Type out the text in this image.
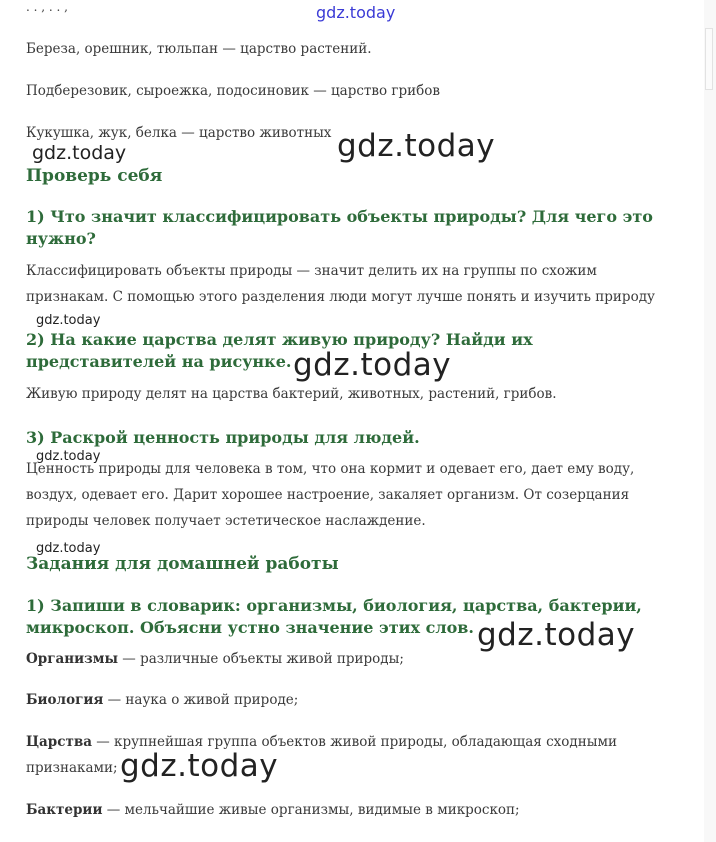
. . , . . ,	gdz.today
Береза, орешник, тюльпан — царство растений.
Подберезовик, сыроежка, подосиновик — царство грибов
Кукушка, жук, белка — царство животных
gdz.today	gdz.today
Проверь себя
1) Что значит классифицировать объекты природы? Для чего это
нужно?
Классифицировать объекты природы — значит делить их на группы по схожим
признакам. С помощью этого разделения люди могут лучше понять и изучить природу
gdz.today
2) На какие царства делят живую природу? Найди их
представителей на рисунке. gdz.today
Живую природу делят на царства бактерий, животных, растений, грибов.
3) Раскрой ценность природы для людей.
gdz.today
Ценность природы для человека в том, что она кормит и одевает его, дает ему воду,
воздух, одевает его. Дарит хорошее настроение, закаляет организм. От созерцания
природы человек получает эстетическое наслаждение.
gdz.today
Задания для домашней работы
1) Запиши в словарик: организмы, биология, царства, бактерии,
микроскоп. Объясни устно значение этих слов. gdz.today
Организмы — различные объекты живой природы;
Биология — наука о живой природе;
Царства — крупнейшая группа объектов живой природы, обладающая сходными
признаками; gdz.today
Бактерии — мельчайшие живые организмы, видимые в микроскоп;
